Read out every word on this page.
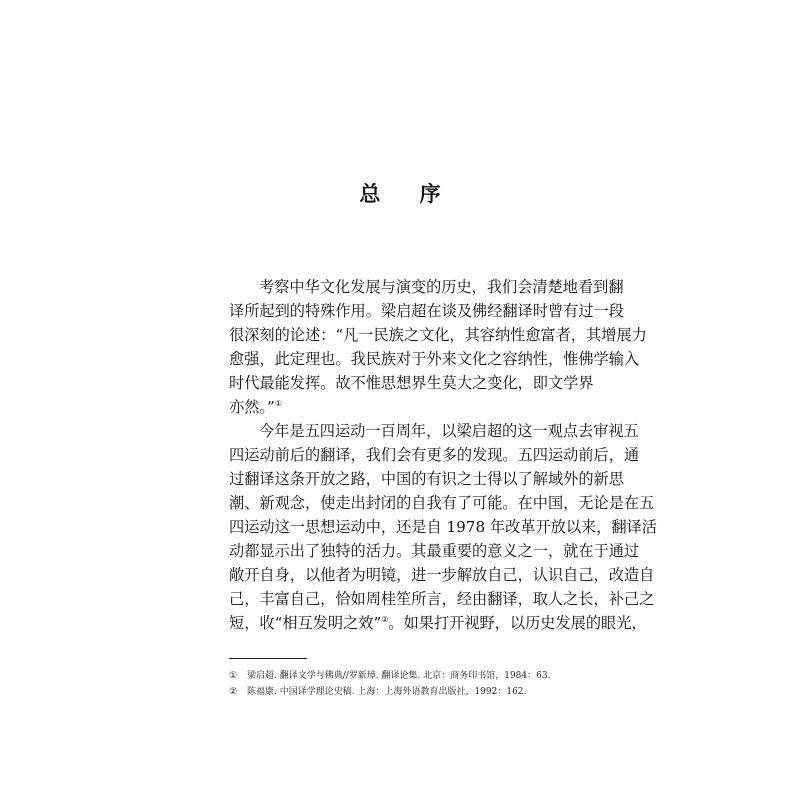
总 序
考察中华文化发展与演变的历史，我们会清楚地看到翻
译所起到的特殊作用。梁启超在谈及佛经翻译时曾有过一段
很深刻的论述：“凡一民族之文化，其容纳性愈富者，其增展力
愈强，此定理也。我民族对于外来文化之容纳性，惟佛学输入
时代最能发挥。故不惟思想界生莫大之变化，即文学界
亦然。”①
今年是五四运动一百周年，以梁启超的这一观点去审视五
四运动前后的翻译，我们会有更多的发现。五四运动前后，通
过翻译这条开放之路，中国的有识之士得以了解域外的新思
潮、新观念，使走出封闭的自我有了可能。在中国，无论是在五
四运动这一思想运动中，还是自 1978 年改革开放以来，翻译活
动都显示出了独特的活力。其最重要的意义之一，就在于通过
敞开自身，以他者为明镜，进一步解放自己，认识自己，改造自
己，丰富自己，恰如周桂笙所言，经由翻译，取人之长，补己之
短，收“相互发明之效”②。如果打开视野，以历史发展的眼光，
① 梁启超. 翻译文学与佛典//罗新璋. 翻译论集. 北京：商务印书馆，1984：63.
② 陈福康. 中国译学理论史稿. 上海：上海外语教育出版社，1992：162.
